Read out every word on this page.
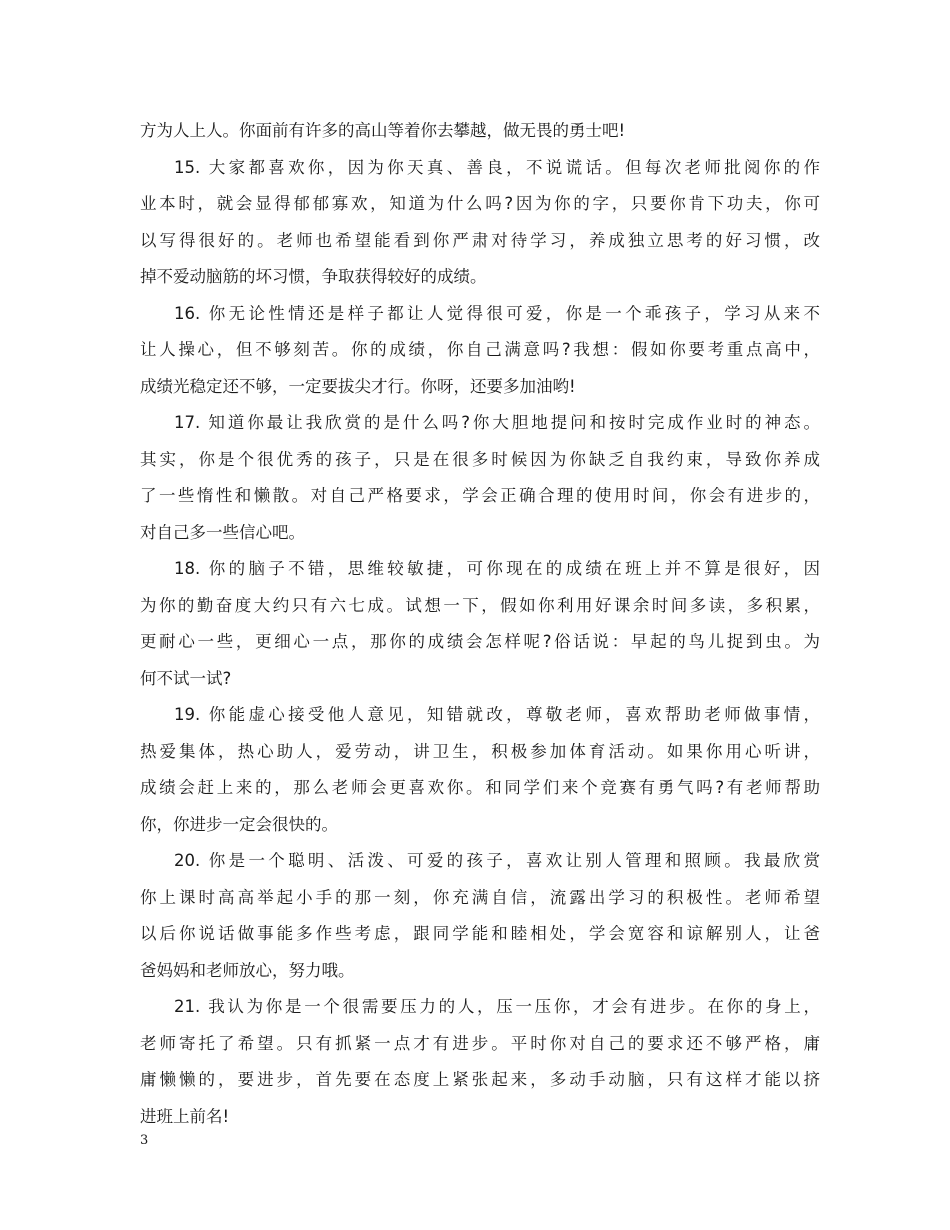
方为人上人。你面前有许多的高山等着你去攀越，做无畏的勇士吧!
15. 大家都喜欢你，因为你天真、善良，不说谎话。但每次老师批阅你的作
业本时，就会显得郁郁寡欢，知道为什么吗?因为你的字，只要你肯下功夫，你可
以写得很好的。老师也希望能看到你严肃对待学习，养成独立思考的好习惯，改
掉不爱动脑筋的坏习惯，争取获得较好的成绩。
16. 你无论性情还是样子都让人觉得很可爱，你是一个乖孩子，学习从来不
让人操心，但不够刻苦。你的成绩，你自己满意吗?我想：假如你要考重点高中，
成绩光稳定还不够，一定要拔尖才行。你呀，还要多加油哟!
17. 知道你最让我欣赏的是什么吗?你大胆地提问和按时完成作业时的神态。
其实，你是个很优秀的孩子，只是在很多时候因为你缺乏自我约束，导致你养成
了一些惰性和懒散。对自己严格要求，学会正确合理的使用时间，你会有进步的，
对自己多一些信心吧。
18. 你的脑子不错，思维较敏捷，可你现在的成绩在班上并不算是很好，因
为你的勤奋度大约只有六七成。试想一下，假如你利用好课余时间多读，多积累，
更耐心一些，更细心一点，那你的成绩会怎样呢?俗话说：早起的鸟儿捉到虫。为
何不试一试?
19. 你能虚心接受他人意见，知错就改，尊敬老师，喜欢帮助老师做事情，
热爱集体，热心助人，爱劳动，讲卫生，积极参加体育活动。如果你用心听讲，
成绩会赶上来的，那么老师会更喜欢你。和同学们来个竞赛有勇气吗?有老师帮助
你，你进步一定会很快的。
20. 你是一个聪明、活泼、可爱的孩子，喜欢让别人管理和照顾。我最欣赏
你上课时高高举起小手的那一刻，你充满自信，流露出学习的积极性。老师希望
以后你说话做事能多作些考虑，跟同学能和睦相处，学会宽容和谅解别人，让爸
爸妈妈和老师放心，努力哦。
21. 我认为你是一个很需要压力的人，压一压你，才会有进步。在你的身上，
老师寄托了希望。只有抓紧一点才有进步。平时你对自己的要求还不够严格，庸
庸懒懒的，要进步，首先要在态度上紧张起来，多动手动脑，只有这样才能以挤
进班上前名!
3
